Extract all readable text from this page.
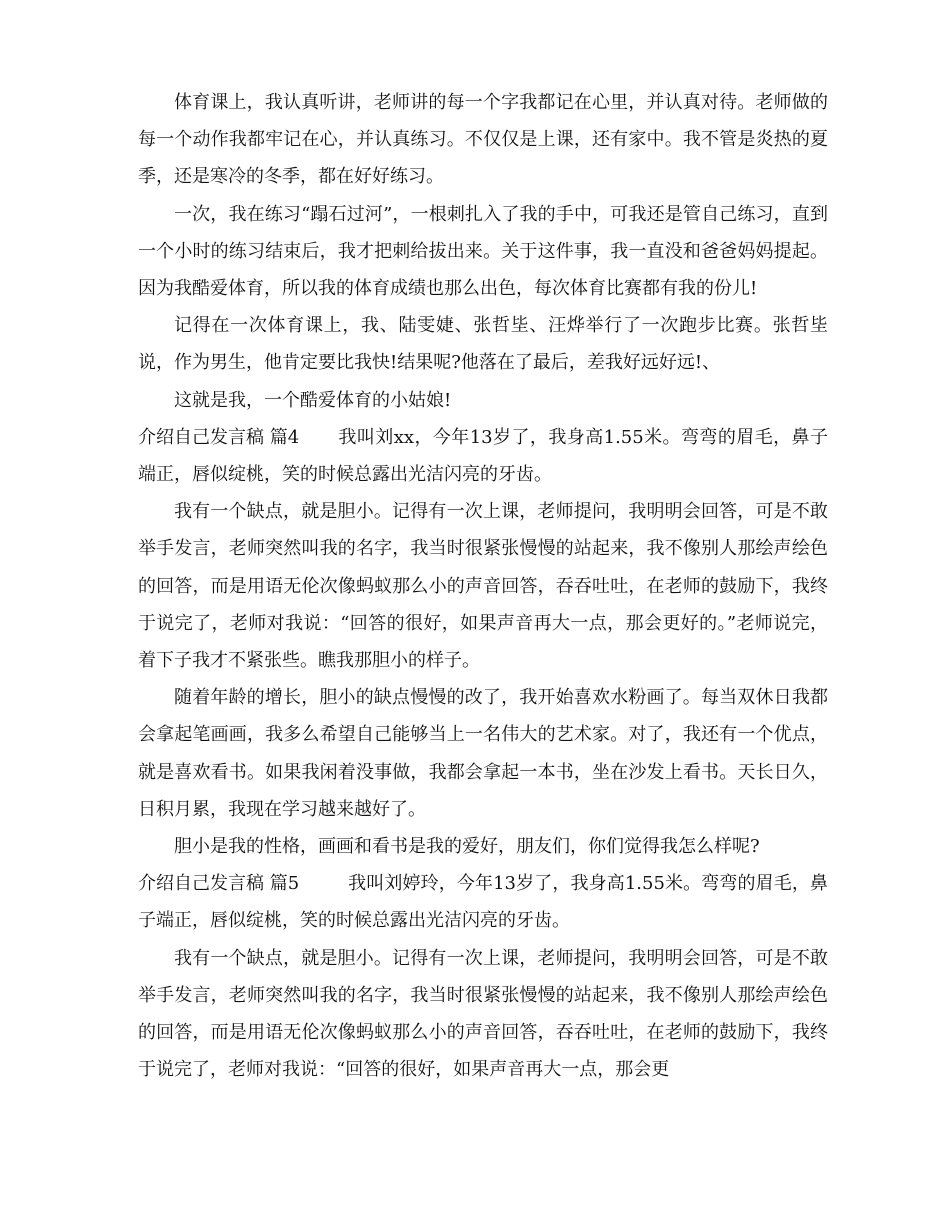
体育课上，我认真听讲，老师讲的每一个字我都记在心里，并认真对待。老师做的每一个动作我都牢记在心，并认真练习。不仅仅是上课，还有家中。我不管是炎热的夏季，还是寒冷的冬季，都在好好练习。

一次，我在练习“蹋石过河”，一根刺扎入了我的手中，可我还是管自己练习，直到一个小时的练习结束后，我才把刺给拔出来。关于这件事，我一直没和爸爸妈妈提起。 因为我酷爱体育，所以我的体育成绩也那么出色，每次体育比赛都有我的份儿!

记得在一次体育课上，我、陆雯婕、张哲坒、汪烨举行了一次跑步比赛。张哲坒说，作为男生，他肯定要比我快!结果呢?他落在了最后，差我好远好远!、

这就是我，一个酷爱体育的小姑娘!

介绍自己发言稿 篇4 我叫刘xx，今年13岁了，我身高1.55米。弯弯的眉毛，鼻子端正，唇似绽桃，笑的时候总露出光洁闪亮的牙齿。

我有一个缺点，就是胆小。记得有一次上课，老师提问，我明明会回答，可是不敢举手发言，老师突然叫我的名字，我当时很紧张慢慢的站起来，我不像别人那绘声绘色的回答，而是用语无伦次像蚂蚁那么小的声音回答，吞吞吐吐，在老师的鼓励下，我终于说完了，老师对我说：“回答的很好，如果声音再大一点，那会更好的。”老师说完，着下子我才不紧张些。瞧我那胆小的样子。

随着年龄的增长，胆小的缺点慢慢的改了，我开始喜欢水粉画了。每当双休日我都会拿起笔画画，我多么希望自己能够当上一名伟大的艺术家。对了，我还有一个优点，就是喜欢看书。如果我闲着没事做，我都会拿起一本书，坐在沙发上看书。天长日久，日积月累，我现在学习越来越好了。

胆小是我的性格，画画和看书是我的爱好，朋友们，你们觉得我怎么样呢?

介绍自己发言稿 篇5	我叫刘婷玲，今年13岁了，我身高1.55米。弯弯的眉毛，鼻子端正，唇似绽桃，笑的时候总露出光洁闪亮的牙齿。

我有一个缺点，就是胆小。记得有一次上课，老师提问，我明明会回答，可是不敢举手发言，老师突然叫我的名字，我当时很紧张慢慢的站起来，我不像别人那绘声绘色的回答，而是用语无伦次像蚂蚁那么小的声音回答，吞吞吐吐，在老师的鼓励下，我终于说完了，老师对我说：“回答的很好，如果声音再大一点，那会更
